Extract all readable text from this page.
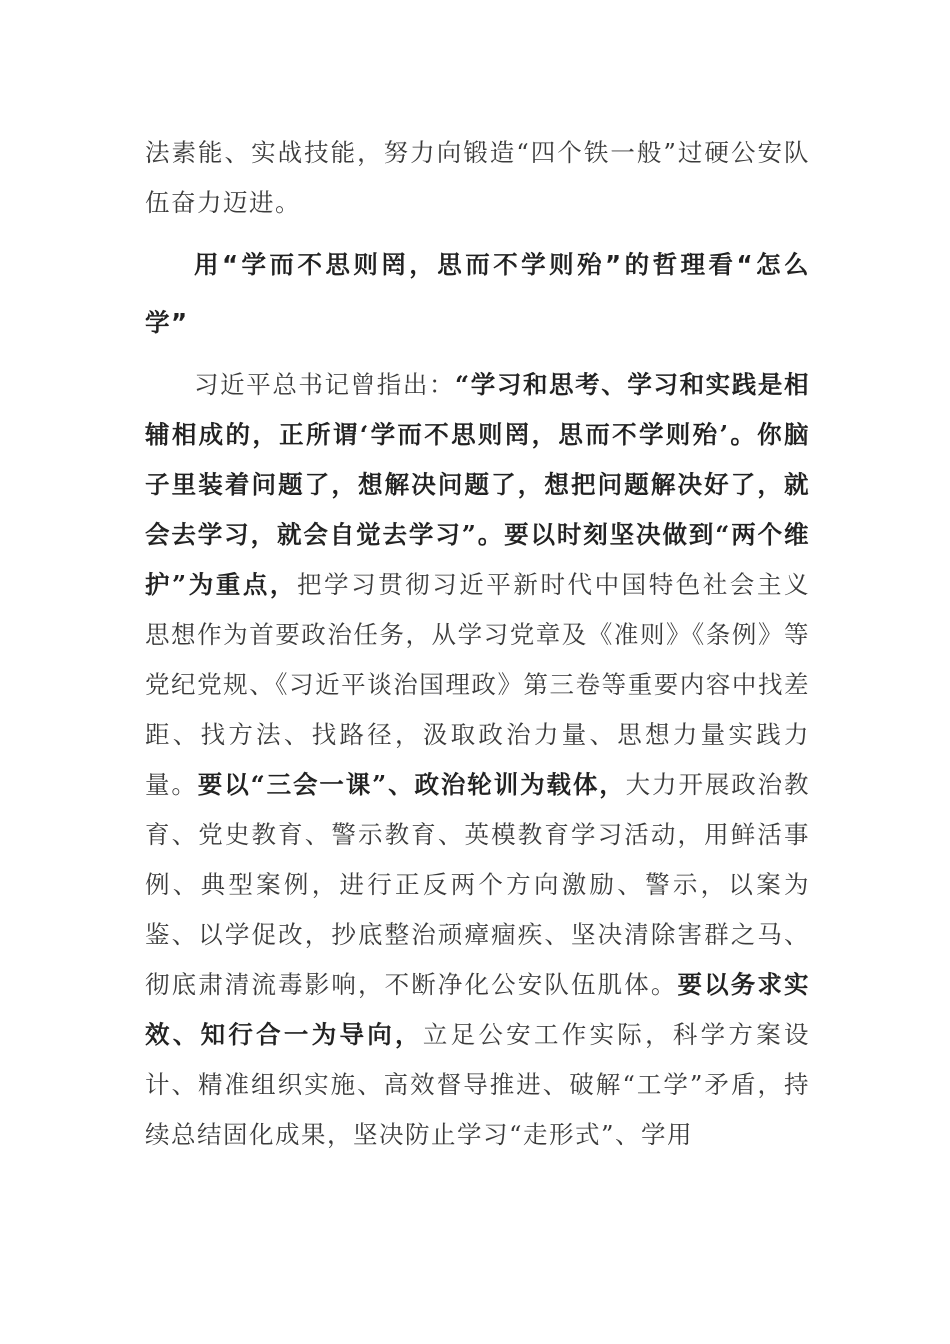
法素能、实战技能，努力向锻造“四个铁一般”过硬公安队伍奋力迈进。

用“学而不思则罔，思而不学则殆”的哲理看“怎么学”

习近平总书记曾指出：“学习和思考、学习和实践是相辅相成的，正所谓‘学而不思则罔，思而不学则殆’。你脑子里装着问题了，想解决问题了，想把问题解决好了，就会去学习，就会自觉去学习”。要以时刻坚决做到“两个维护”为重点，把学习贯彻习近平新时代中国特色社会主义思想作为首要政治任务，从学习党章及《准则》《条例》等党纪党规、《习近平谈治国理政》第三卷等重要内容中找差距、找方法、找路径，汲取政治力量、思想力量实践力量。要以“三会一课”、政治轮训为载体，大力开展政治教育、党史教育、警示教育、英模教育学习活动，用鲜活事例、典型案例，进行正反两个方向激励、警示，以案为鉴、以学促改，抄底整治顽瘴痼疾、坚决清除害群之马、彻底肃清流毒影响，不断净化公安队伍肌体。要以务求实效、知行合一为导向，立足公安工作实际，科学方案设计、精准组织实施、高效督导推进、破解“工学”矛盾，持续总结固化成果，坚决防止学习“走形式”、学用
